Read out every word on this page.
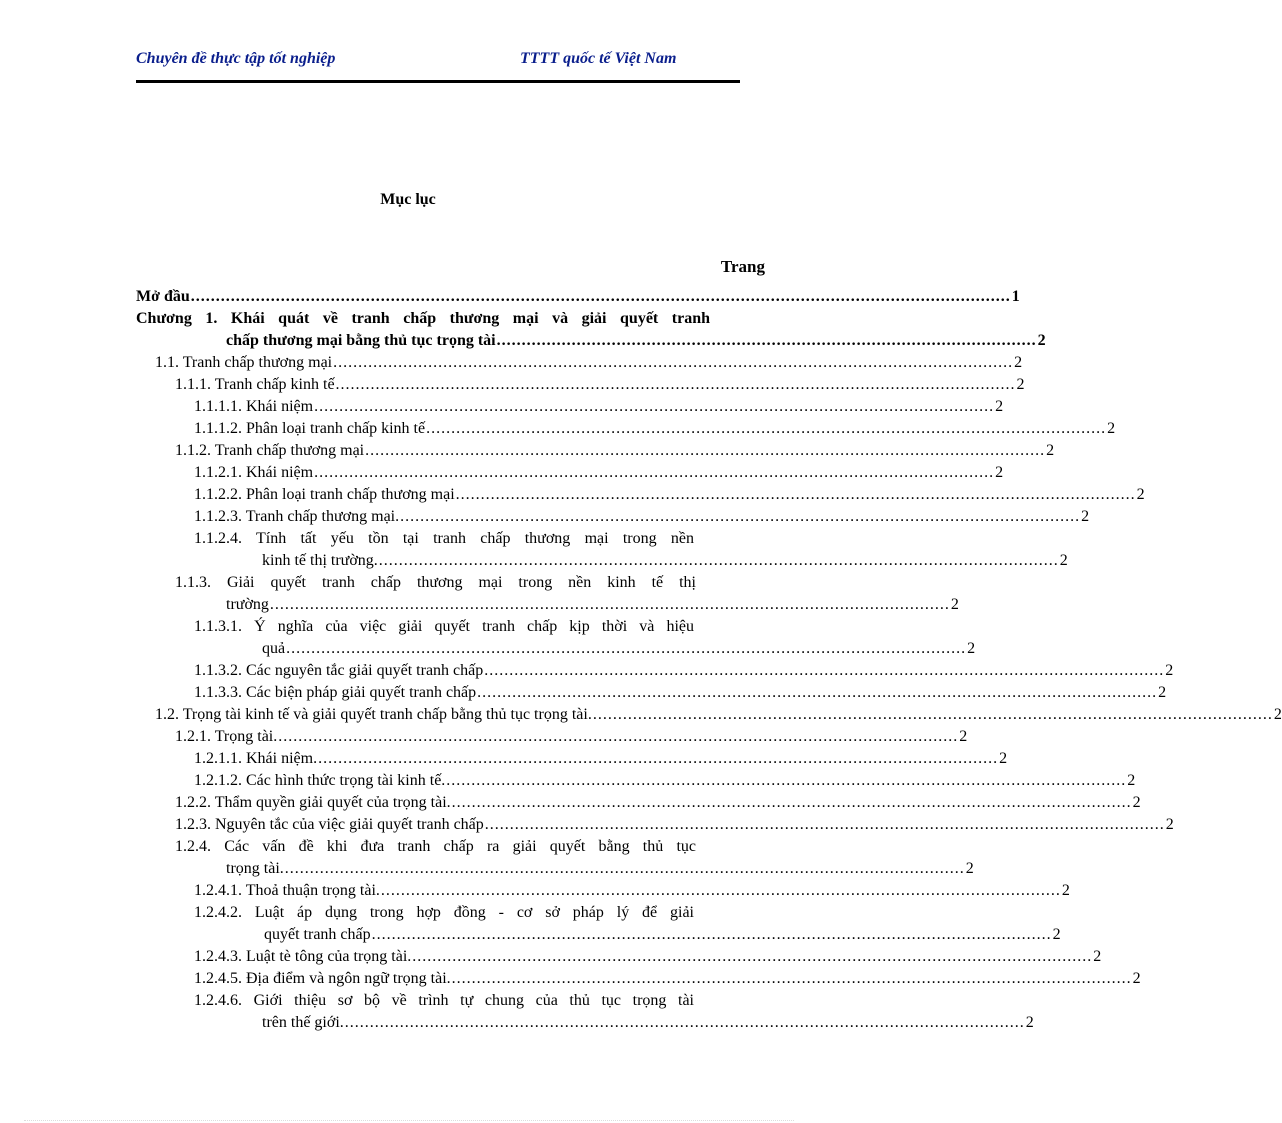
Chuyên đề thực tập tốt nghiệp	TTTT quốc tế Việt Nam
Mục lục
Trang
Mở đầu .................................................................................................................................................................... 1
Chương 1. Khái quát về tranh chấp thương mại và giải quyết tranh
chấp thương mại bằng thủ tục trọng tài ............................................................................................................ 2
1.1. Tranh chấp thương mại ........................................................................................................................................ 2
1.1.1. Tranh chấp kinh tế ........................................................................................................................................ 2
1.1.1.1. Khái niệm ........................................................................................................................................ 2
1.1.1.2. Phân loại tranh chấp kinh tế ........................................................................................................................................ 2
1.1.2. Tranh chấp thương mại ........................................................................................................................................ 2
1.1.2.1. Khái niệm ........................................................................................................................................ 2
1.1.2.2. Phân loại tranh chấp thương mại ........................................................................................................................................ 2
1.1.2.3. Tranh chấp thương mại. ........................................................................................................................................ 2
1.1.2.4. Tính tất yếu tồn tại tranh chấp thương mại trong nền
kinh tế thị trường. ........................................................................................................................................ 2
1.1.3. Giải quyết tranh chấp thương mại trong nền kinh tế thị
trường ........................................................................................................................................ 2
1.1.3.1. Ý nghĩa của việc giải quyết tranh chấp kịp thời và hiệu
quả ........................................................................................................................................ 2
1.1.3.2. Các nguyên tắc giải quyết tranh chấp ........................................................................................................................................ 2
1.1.3.3. Các biện pháp giải quyết tranh chấp ........................................................................................................................................ 2
1.2. Trọng tài kinh tế và giải quyết tranh chấp bằng thủ tục trọng tài. ........................................................................................................................................ 2
1.2.1. Trọng tài. ........................................................................................................................................ 2
1.2.1.1. Khái niệm. ........................................................................................................................................ 2
1.2.1.2. Các hình thức trọng tài kinh tế. ........................................................................................................................................ 2
1.2.2. Thẩm quyền giải quyết của trọng tài. ........................................................................................................................................ 2
1.2.3. Nguyên tắc của việc giải quyết tranh chấp ........................................................................................................................................ 2
1.2.4. Các vấn đề khi đưa tranh chấp ra giải quyết bằng thủ tục
trọng tài. ........................................................................................................................................ 2
1.2.4.1. Thoả thuận trọng tài. ........................................................................................................................................ 2
1.2.4.2. Luật áp dụng trong hợp đồng - cơ sở pháp lý để giải
quyết tranh chấp ........................................................................................................................................ 2
1.2.4.3. Luật tè tông của trọng tài. ........................................................................................................................................ 2
1.2.4.5. Địa điểm và ngôn ngữ trọng tài. ........................................................................................................................................ 2
1.2.4.6. Giới thiệu sơ bộ về trình tự chung của thủ tục trọng tài
trên thế giới. ........................................................................................................................................ 2
